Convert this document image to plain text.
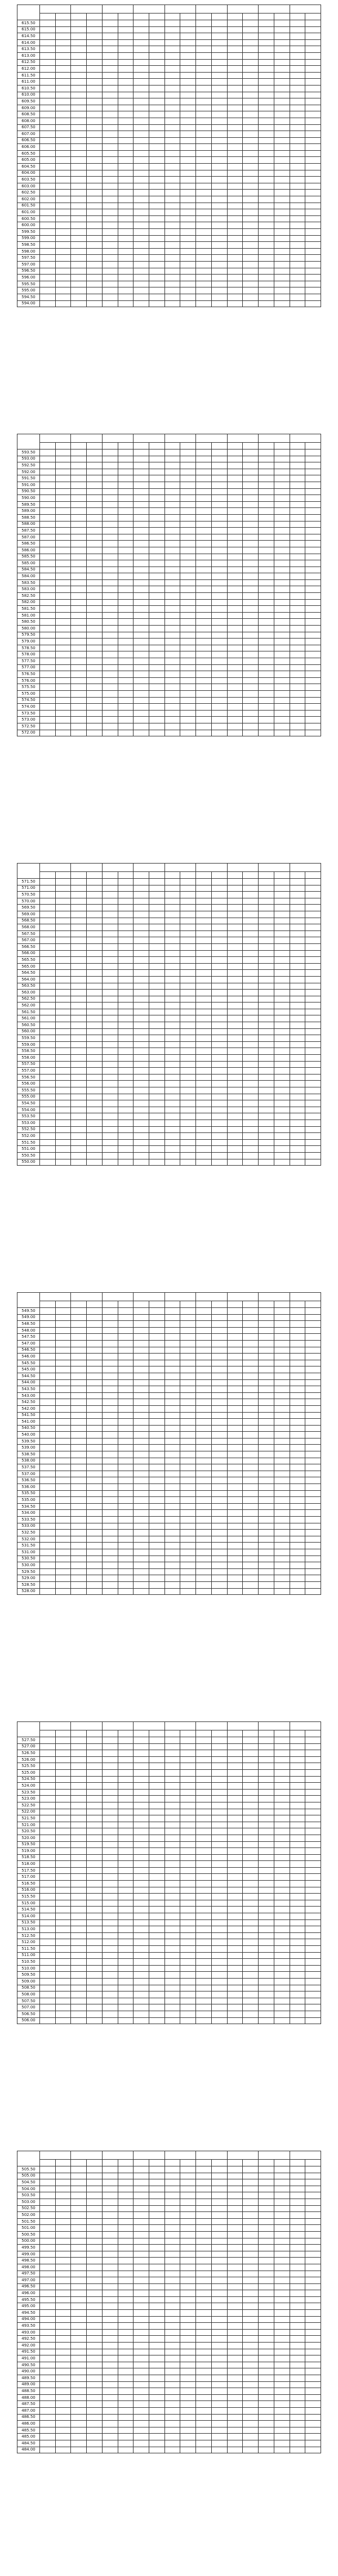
615.50																		
615.00																		
614.50																		
614.00																		
613.50																		
613.00																		
612.50																		
612.00																		
611.50																		
611.00																		
610.50																		
610.00																		
609.50																		
609.00																		
608.50																		
608.00																		
607.50																		
607.00																		
606.50																		
606.00																		
605.50																		
605.00																		
604.50																		
604.00																		
603.50																		
603.00																		
602.50																		
602.00																		
601.50																		
601.00																		
600.50																		
600.00																		
599.50																		
599.00																		
598.50																		
598.00																		
597.50																		
597.00																		
596.50																		
596.00																		
595.50																		
595.00																		
594.50																		
594.00																		

593.50																		
593.00																		
592.50																		
592.00																		
591.50																		
591.00																		
590.50																		
590.00																		
589.50																		
589.00																		
588.50																		
588.00																		
587.50																		
587.00																		
586.50																		
586.00																		
585.50																		
585.00																		
584.50																		
584.00																		
583.50																		
583.00																		
582.50																		
582.00																		
581.50																		
581.00																		
580.50																		
580.00																		
579.50																		
579.00																		
578.50																		
578.00																		
577.50																		
577.00																		
576.50																		
576.00																		
575.50																		
575.00																		
574.50																		
574.00																		
573.50																		
573.00																		
572.50																		
572.00																		

571.50																		
571.00																		
570.50																		
570.00																		
569.50																		
569.00																		
568.50																		
568.00																		
567.50																		
567.00																		
566.50																		
566.00																		
565.50																		
565.00																		
564.50																		
564.00																		
563.50																		
563.00																		
562.50																		
562.00																		
561.50																		
561.00																		
560.50																		
560.00																		
559.50																		
559.00																		
558.50																		
558.00																		
557.50																		
557.00																		
556.50																		
556.00																		
555.50																		
555.00																		
554.50																		
554.00																		
553.50																		
553.00																		
552.50																		
552.00																		
551.50																		
551.00																		
550.50																		
550.00																		

549.50																		
549.00																		
548.50																		
548.00																		
547.50																		
547.00																		
546.50																		
546.00																		
545.50																		
545.00																		
544.50																		
544.00																		
543.50																		
543.00																		
542.50																		
542.00																		
541.50																		
541.00																		
540.50																		
540.00																		
539.50																		
539.00																		
538.50																		
538.00																		
537.50																		
537.00																		
536.50																		
536.00																		
535.50																		
535.00																		
534.50																		
534.00																		
533.50																		
533.00																		
532.50																		
532.00																		
531.50																		
531.00																		
530.50																		
530.00																		
529.50																		
529.00																		
528.50																		
528.00																		

527.50																		
527.00																		
526.50																		
526.00																		
525.50																		
525.00																		
524.50																		
524.00																		
523.50																		
523.00																		
522.50																		
522.00																		
521.50																		
521.00																		
520.50																		
520.00																		
519.50																		
519.00																		
518.50																		
518.00																		
517.50																		
517.00																		
516.50																		
516.00																		
515.50																		
515.00																		
514.50																		
514.00																		
513.50																		
513.00																		
512.50																		
512.00																		
511.50																		
511.00																		
510.50																		
510.00																		
509.50																		
509.00																		
508.50																		
508.00																		
507.50																		
507.00																		
506.50																		
506.00																		

505.50																		
505.00																		
504.50																		
504.00																		
503.50																		
503.00																		
502.50																		
502.00																		
501.50																		
501.00																		
500.50																		
500.00																		
499.50																		
499.00																		
498.50																		
498.00																		
497.50																		
497.00																		
496.50																		
496.00																		
495.50																		
495.00																		
494.50																		
494.00																		
493.50																		
493.00																		
492.50																		
492.00																		
491.50																		
491.00																		
490.50																		
490.00																		
489.50																		
489.00																		
488.50																		
488.00																		
487.50																		
487.00																		
486.50																		
486.00																		
485.50																		
485.00																		
484.50																		
484.00																		
